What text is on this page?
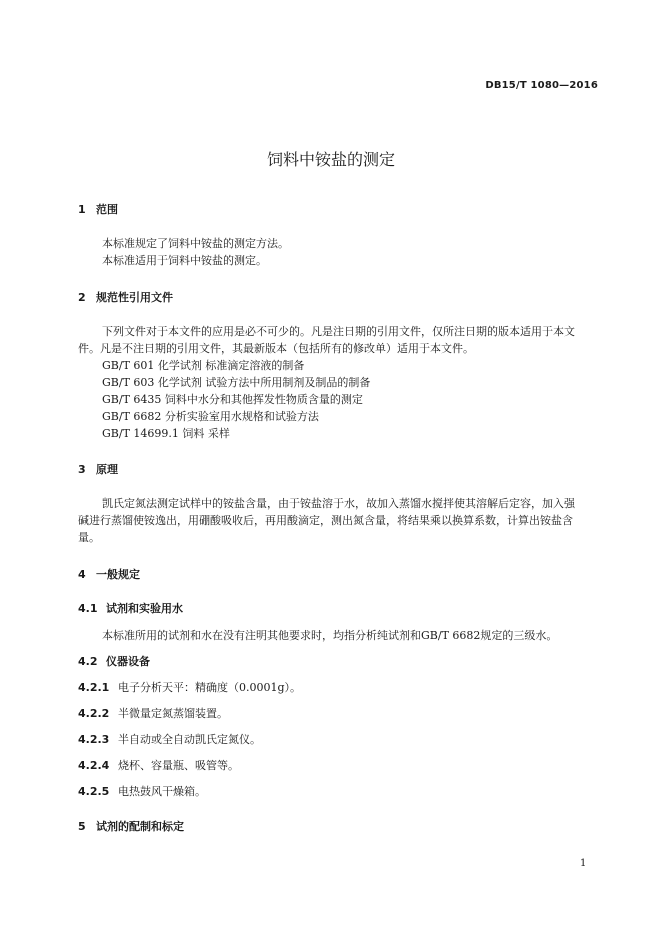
DB15/T 1080—2016
饲料中铵盐的测定
1 范围
本标准规定了饲料中铵盐的测定方法。
本标准适用于饲料中铵盐的测定。
2 规范性引用文件
下列文件对于本文件的应用是必不可少的。凡是注日期的引用文件，仅所注日期的版本适用于本文
件。凡是不注日期的引用文件，其最新版本（包括所有的修改单）适用于本文件。
GB/T 601 化学试剂 标准滴定溶液的制备
GB/T 603 化学试剂 试验方法中所用制剂及制品的制备
GB/T 6435 饲料中水分和其他挥发性物质含量的测定
GB/T 6682 分析实验室用水规格和试验方法
GB/T 14699.1 饲料 采样
3 原理
凯氏定氮法测定试样中的铵盐含量，由于铵盐溶于水，故加入蒸馏水搅拌使其溶解后定容，加入强
碱进行蒸馏使铵逸出，用硼酸吸收后，再用酸滴定，测出氮含量，将结果乘以换算系数，计算出铵盐含
量。
4 一般规定
4.1 试剂和实验用水
本标准所用的试剂和水在没有注明其他要求时，均指分析纯试剂和GB/T 6682规定的三级水。
4.2 仪器设备
4.2.1 电子分析天平：精确度（0.0001g）。
4.2.2 半微量定氮蒸馏装置。
4.2.3 半自动或全自动凯氏定氮仪。
4.2.4 烧杯、容量瓶、吸管等。
4.2.5 电热鼓风干燥箱。
5 试剂的配制和标定
1
